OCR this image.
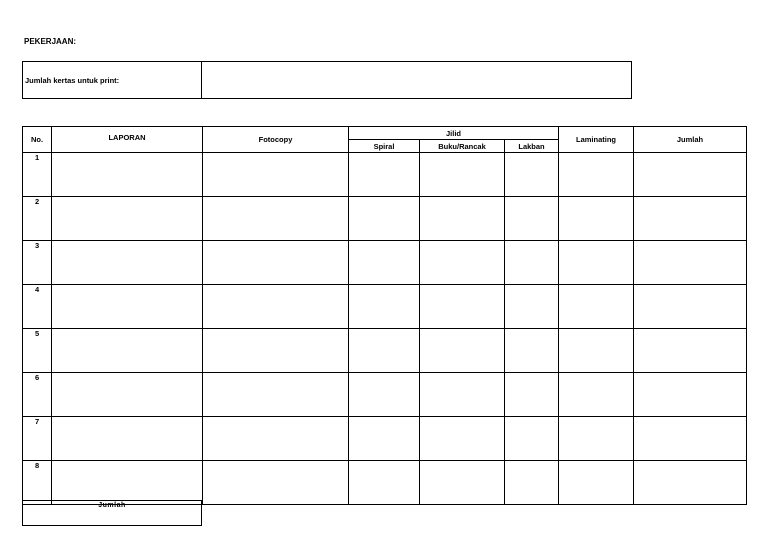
PEKERJAAN:
Jumlah kertas untuk print:
No.	LAPORAN	Fotocopy	Jilid			Laminating	Jumlah
			Spiral	Buku/Rancak	Lakban		
1							
2							
3							
4							
5							
6							
7							
8							
Jumlah
